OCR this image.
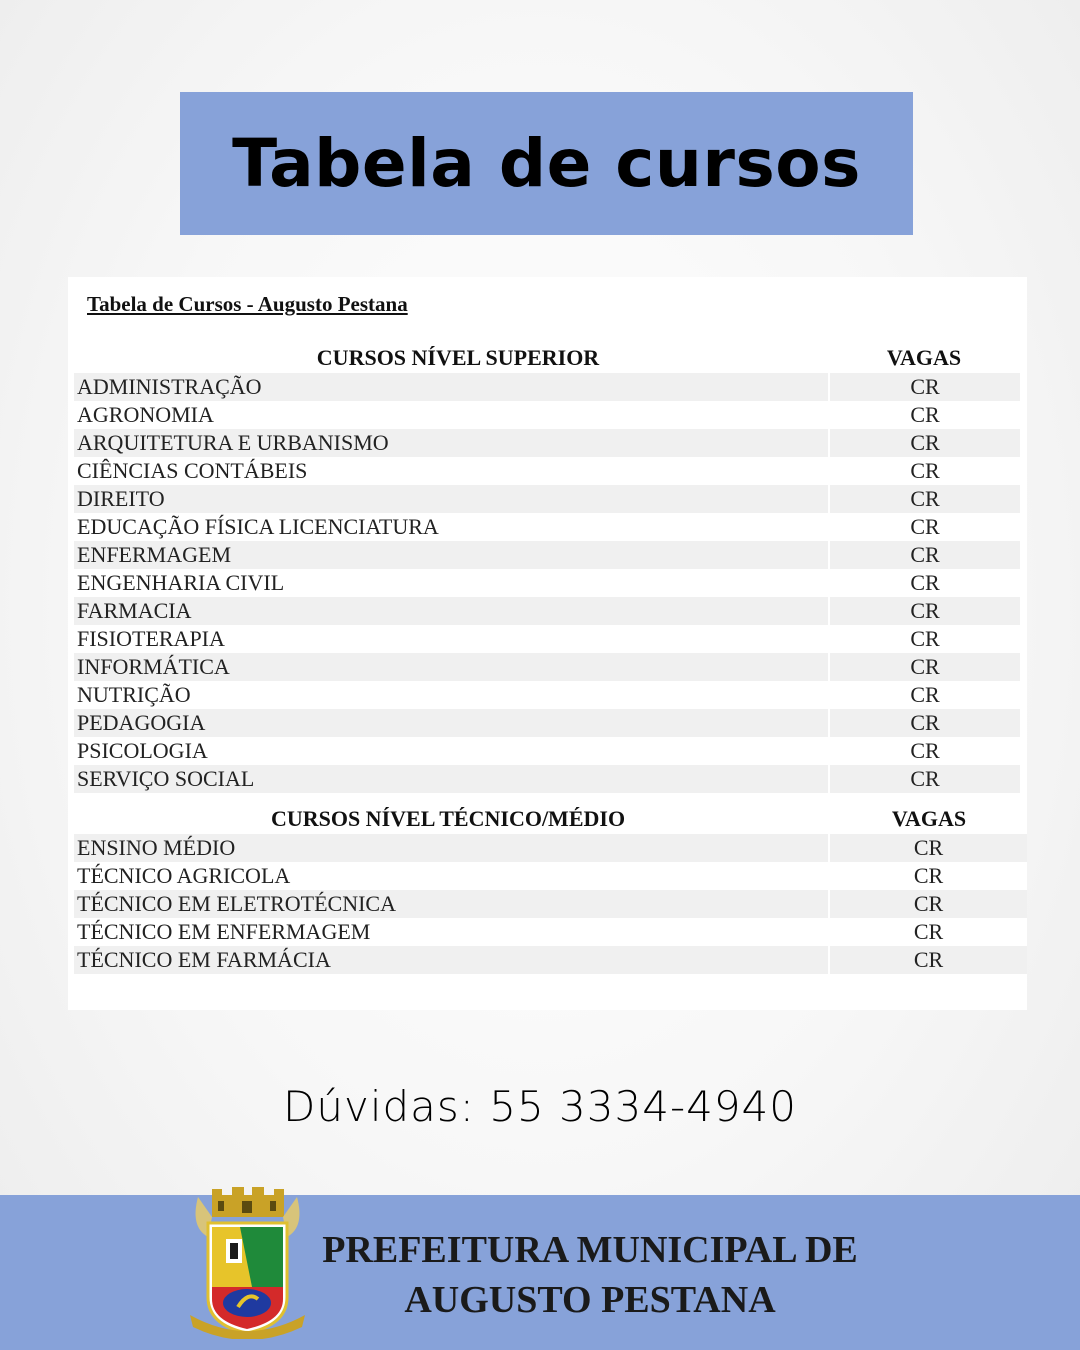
Tabela de cursos
Tabela de Cursos - Augusto Pestana
CURSOS NÍVEL SUPERIOR	VAGAS
ADMINISTRAÇÃO	CR
AGRONOMIA	CR
ARQUITETURA E URBANISMO	CR
CIÊNCIAS CONTÁBEIS	CR
DIREITO	CR
EDUCAÇÃO FÍSICA LICENCIATURA	CR
ENFERMAGEM	CR
ENGENHARIA CIVIL	CR
FARMACIA	CR
FISIOTERAPIA	CR
INFORMÁTICA	CR
NUTRIÇÃO	CR
PEDAGOGIA	CR
PSICOLOGIA	CR
SERVIÇO SOCIAL	CR
CURSOS NÍVEL TÉCNICO/MÉDIO	VAGAS
ENSINO MÉDIO	CR
TÉCNICO AGRICOLA	CR
TÉCNICO EM ELETROTÉCNICA	CR
TÉCNICO EM ENFERMAGEM	CR
TÉCNICO EM FARMÁCIA	CR
Dúvidas: 55 3334-4940
PREFEITURA MUNICIPAL DE
AUGUSTO PESTANA
